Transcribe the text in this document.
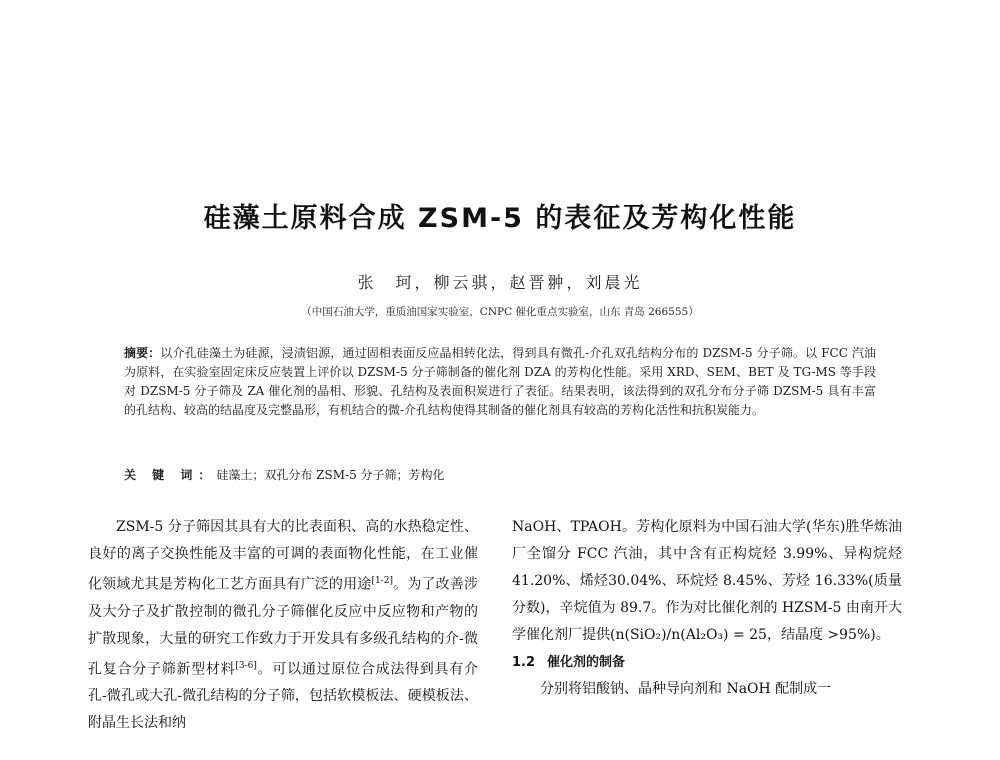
硅藻土原料合成 ZSM-5 的表征及芳构化性能
张　珂，柳云骐，赵晋翀，刘晨光
（中国石油大学，重质油国家实验室，CNPC 催化重点实验室，山东 青岛 266555）
摘要：以介孔硅藻土为硅源，浸渍铝源，通过固相表面反应晶相转化法，得到具有微孔-介孔双孔结构分布的 DZSM-5 分子筛。以 FCC 汽油为原料，在实验室固定床反应装置上评价以 DZSM-5 分子筛制备的催化剂 DZA 的芳构化性能。采用 XRD、SEM、BET 及 TG-MS 等手段对 DZSM-5 分子筛及 ZA 催化剂的晶相、形貌、孔结构及表面积炭进行了表征。结果表明，该法得到的双孔分布分子筛 DZSM-5 具有丰富的孔结构、较高的结晶度及完整晶形，有机结合的微-介孔结构使得其制备的催化剂具有较高的芳构化活性和抗积炭能力。
关 键 词：硅藻土；双孔分布 ZSM-5 分子筛；芳构化

ZSM-5 分子筛因其具有大的比表面积、高的水热稳定性、良好的离子交换性能及丰富的可调的表面物化性能，在工业催化领域尤其是芳构化工艺方面具有广泛的用途[1-2]。为了改善涉及大分子及扩散控制的微孔分子筛催化反应中反应物和产物的扩散现象，大量的研究工作致力于开发具有多级孔结构的介-微孔复合分子筛新型材料[3-6]。可以通过原位合成法得到具有介孔-微孔或大孔-微孔结构的分子筛，包括软模板法、硬模板法、附晶生长法和纳

NaOH、TPAOH。芳构化原料为中国石油大学(华东)胜华炼油厂全馏分 FCC 汽油，其中含有正构烷烃 3.99%、异构烷烃 41.20%、烯烃30.04%、环烷烃 8.45%、芳烃 16.33%(质量分数)，辛烷值为 89.7。作为对比催化剂的 HZSM-5 由南开大学催化剂厂提供(n(SiO₂)/n(Al₂O₃) = 25，结晶度 >95%)。

1.2 催化剂的制备

分别将铝酸钠、晶种导向剂和 NaOH 配制成一
